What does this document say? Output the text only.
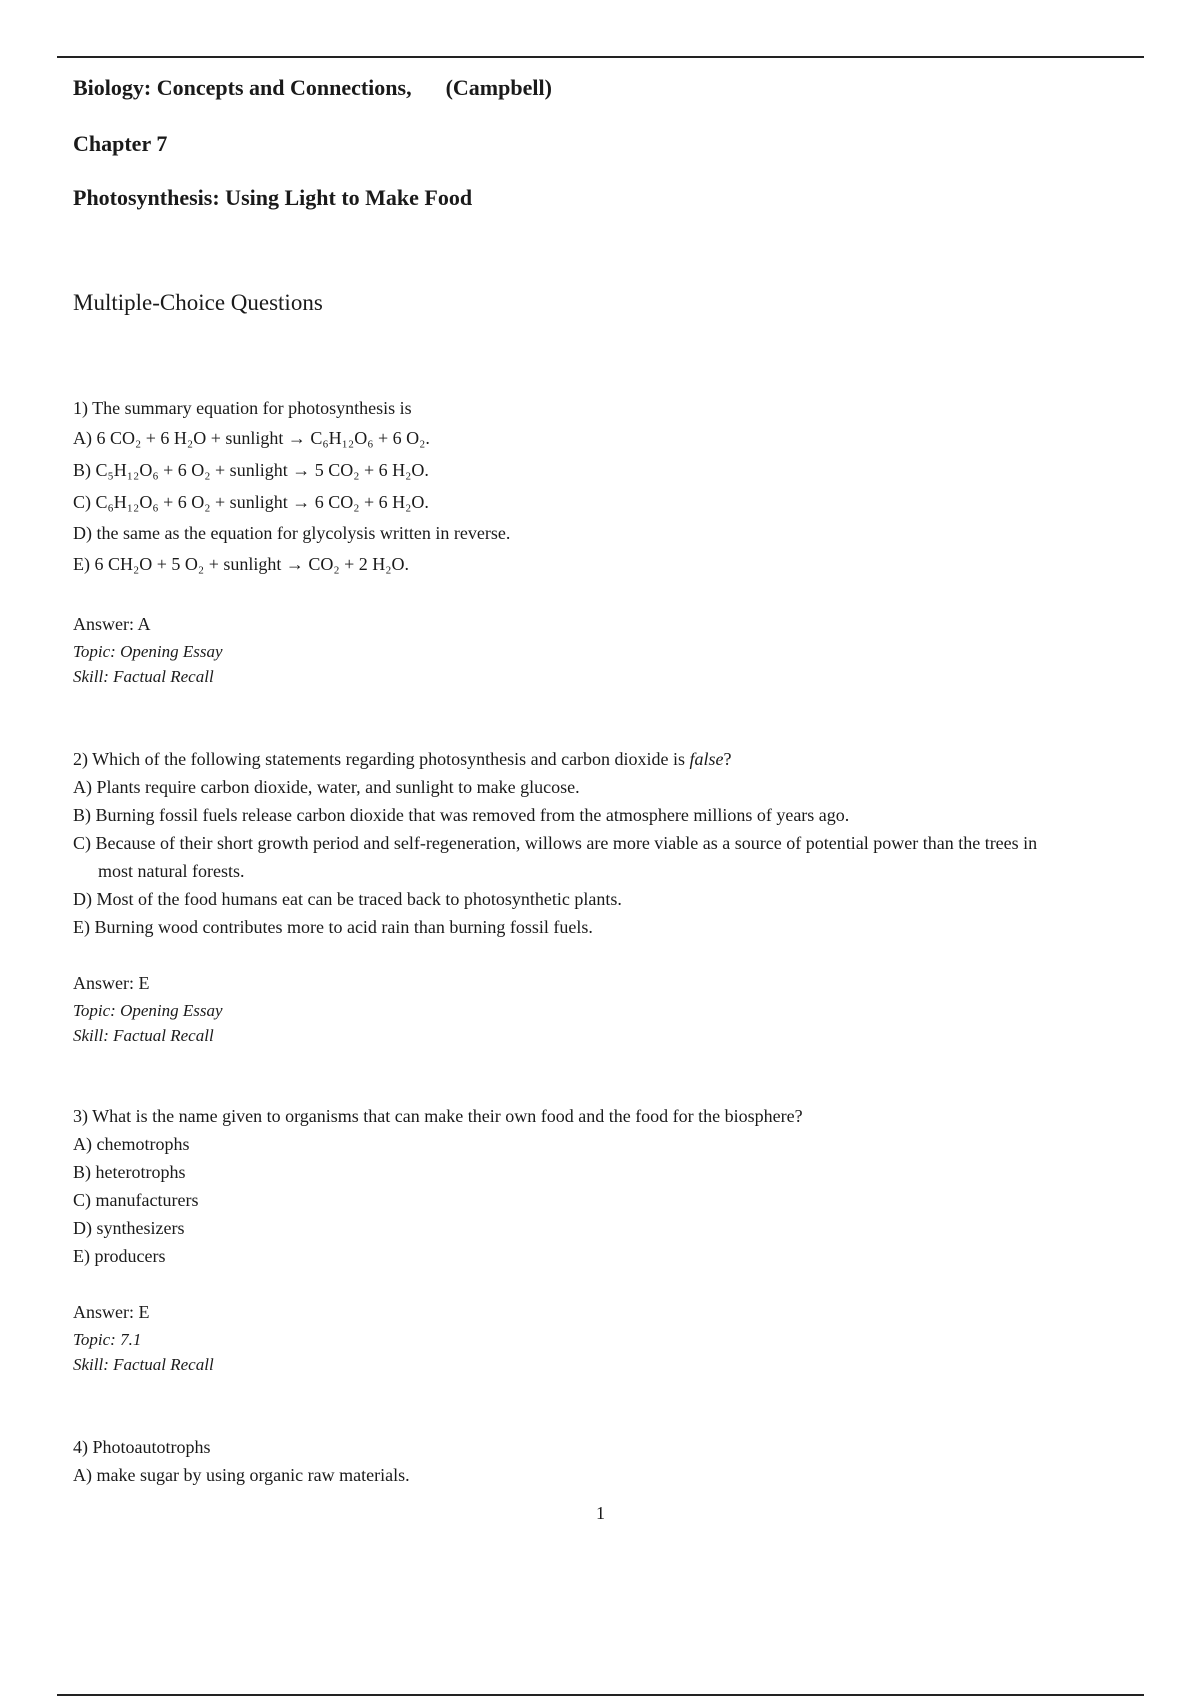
Biology: Concepts and Connections, (Campbell)
Chapter 7
Photosynthesis: Using Light to Make Food
Multiple-Choice Questions
1) The summary equation for photosynthesis is
A) 6 CO₂ + 6 H₂O + sunlight → C₆H₁₂O₆ + 6 O₂.
B) C₅H₁₂O₆ + 6 O₂ + sunlight → 5 CO₂ + 6 H₂O.
C) C₆H₁₂O₆ + 6 O₂ + sunlight → 6 CO₂ + 6 H₂O.
D) the same as the equation for glycolysis written in reverse.
E) 6 CH₂O + 5 O₂ + sunlight → CO₂ + 2 H₂O.
Answer: A
Topic: Opening Essay
Skill: Factual Recall
2) Which of the following statements regarding photosynthesis and carbon dioxide is false?
A) Plants require carbon dioxide, water, and sunlight to make glucose.
B) Burning fossil fuels release carbon dioxide that was removed from the atmosphere millions of years ago.
C) Because of their short growth period and self-regeneration, willows are more viable as a source of potential power than the trees in most natural forests.
D) Most of the food humans eat can be traced back to photosynthetic plants.
E) Burning wood contributes more to acid rain than burning fossil fuels.
Answer: E
Topic: Opening Essay
Skill: Factual Recall
3) What is the name given to organisms that can make their own food and the food for the biosphere?
A) chemotrophs
B) heterotrophs
C) manufacturers
D) synthesizers
E) producers
Answer: E
Topic: 7.1
Skill: Factual Recall
4) Photoautotrophs
A) make sugar by using organic raw materials.
1
